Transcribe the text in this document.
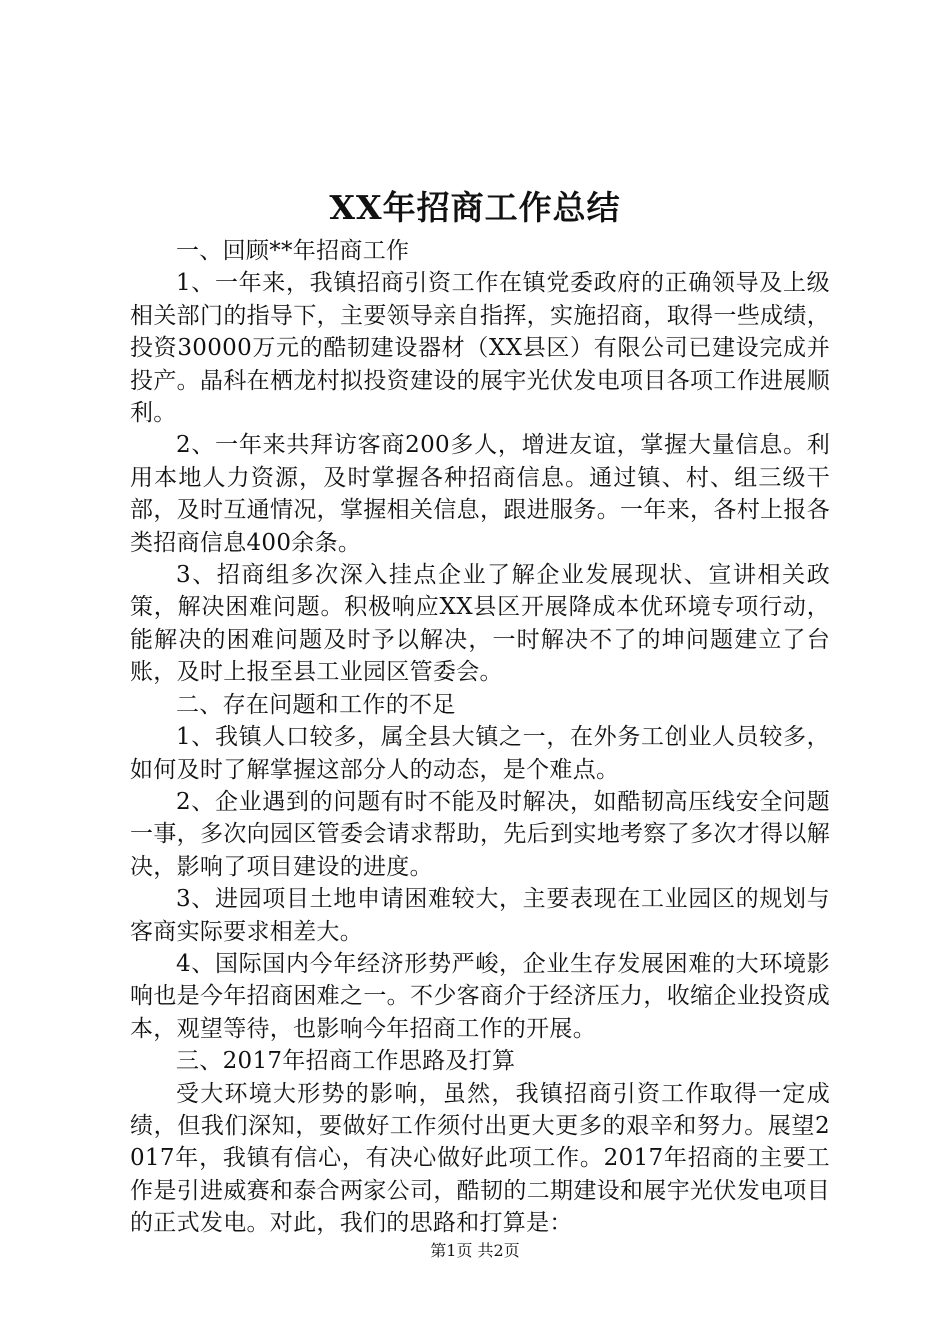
XX年招商工作总结

一、回顾**年招商工作

1、一年来，我镇招商引资工作在镇党委政府的正确领导及上级相关部门的指导下，主要领导亲自指挥，实施招商，取得一些成绩，投资30000万元的酷韧建设器材（XX县区）有限公司已建设完成并投产。晶科在栖龙村拟投资建设的展宇光伏发电项目各项工作进展顺利。

2、一年来共拜访客商200多人，增进友谊，掌握大量信息。利用本地人力资源，及时掌握各种招商信息。通过镇、村、组三级干部，及时互通情况，掌握相关信息，跟进服务。一年来，各村上报各类招商信息400余条。

3、招商组多次深入挂点企业了解企业发展现状、宣讲相关政策，解决困难问题。积极响应XX县区开展降成本优环境专项行动，能解决的困难问题及时予以解决，一时解决不了的坤问题建立了台账，及时上报至县工业园区管委会。

二、存在问题和工作的不足

1、我镇人口较多，属全县大镇之一，在外务工创业人员较多，如何及时了解掌握这部分人的动态，是个难点。

2、企业遇到的问题有时不能及时解决，如酷韧高压线安全问题一事，多次向园区管委会请求帮助，先后到实地考察了多次才得以解决，影响了项目建设的进度。

3、进园项目土地申请困难较大，主要表现在工业园区的规划与客商实际要求相差大。

4、国际国内今年经济形势严峻，企业生存发展困难的大环境影响也是今年招商困难之一。不少客商介于经济压力，收缩企业投资成本，观望等待，也影响今年招商工作的开展。

三、2017年招商工作思路及打算

受大环境大形势的影响，虽然，我镇招商引资工作取得一定成绩，但我们深知，要做好工作须付出更大更多的艰辛和努力。展望2017年，我镇有信心，有决心做好此项工作。2017年招商的主要工作是引进威赛和泰合两家公司，酷韧的二期建设和展宇光伏发电项目的正式发电。对此，我们的思路和打算是：

第1页 共2页
